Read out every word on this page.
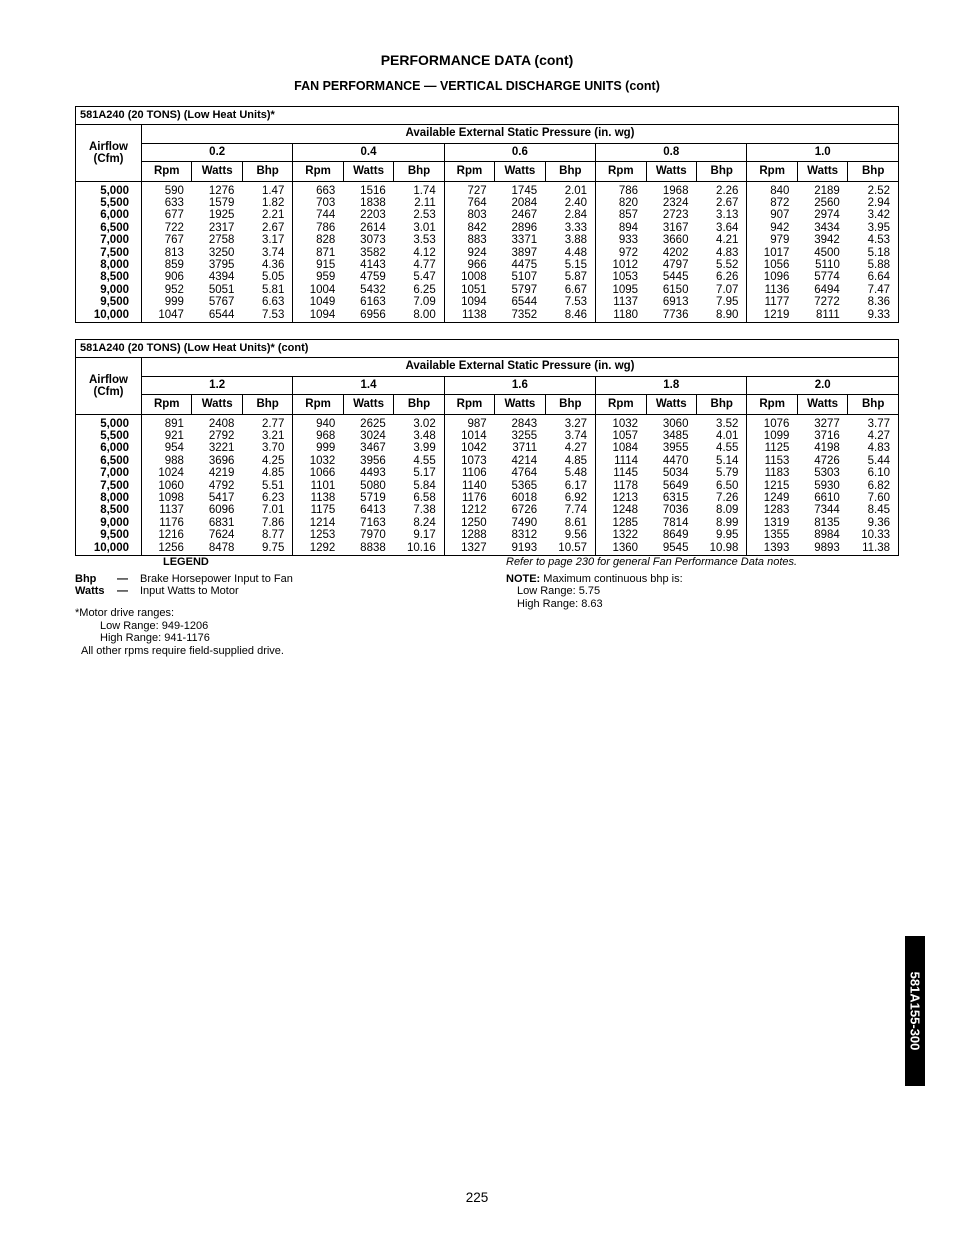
PERFORMANCE DATA (cont)
FAN PERFORMANCE — VERTICAL DISCHARGE UNITS (cont)
581A240 (20 TONS) (Low Heat Units)*															
Airflow
(Cfm)	Available External Static Pressure (in. wg)														
	0.2			0.4			0.6			0.8			1.0		
	Rpm	Watts	Bhp	Rpm	Watts	Bhp	Rpm	Watts	Bhp	Rpm	Watts	Bhp	Rpm	Watts	Bhp
5,000	590	1276	1.47	663	1516	1.74	727	1745	2.01	786	1968	2.26	840	2189	2.52
5,500	633	1579	1.82	703	1838	2.11	764	2084	2.40	820	2324	2.67	872	2560	2.94
6,000	677	1925	2.21	744	2203	2.53	803	2467	2.84	857	2723	3.13	907	2974	3.42
6,500	722	2317	2.67	786	2614	3.01	842	2896	3.33	894	3167	3.64	942	3434	3.95
7,000	767	2758	3.17	828	3073	3.53	883	3371	3.88	933	3660	4.21	979	3942	4.53
7,500	813	3250	3.74	871	3582	4.12	924	3897	4.48	972	4202	4.83	1017	4500	5.18
8,000	859	3795	4.36	915	4143	4.77	966	4475	5.15	1012	4797	5.52	1056	5110	5.88
8,500	906	4394	5.05	959	4759	5.47	1008	5107	5.87	1053	5445	6.26	1096	5774	6.64
9,000	952	5051	5.81	1004	5432	6.25	1051	5797	6.67	1095	6150	7.07	1136	6494	7.47
9,500	999	5767	6.63	1049	6163	7.09	1094	6544	7.53	1137	6913	7.95	1177	7272	8.36
10,000	1047	6544	7.53	1094	6956	8.00	1138	7352	8.46	1180	7736	8.90	1219	8111	9.33
581A240 (20 TONS) (Low Heat Units)* (cont)															
Airflow
(Cfm)	Available External Static Pressure (in. wg)														
	1.2			1.4			1.6			1.8			2.0		
	Rpm	Watts	Bhp	Rpm	Watts	Bhp	Rpm	Watts	Bhp	Rpm	Watts	Bhp	Rpm	Watts	Bhp
5,000	891	2408	2.77	940	2625	3.02	987	2843	3.27	1032	3060	3.52	1076	3277	3.77
5,500	921	2792	3.21	968	3024	3.48	1014	3255	3.74	1057	3485	4.01	1099	3716	4.27
6,000	954	3221	3.70	999	3467	3.99	1042	3711	4.27	1084	3955	4.55	1125	4198	4.83
6,500	988	3696	4.25	1032	3956	4.55	1073	4214	4.85	1114	4470	5.14	1153	4726	5.44
7,000	1024	4219	4.85	1066	4493	5.17	1106	4764	5.48	1145	5034	5.79	1183	5303	6.10
7,500	1060	4792	5.51	1101	5080	5.84	1140	5365	6.17	1178	5649	6.50	1215	5930	6.82
8,000	1098	5417	6.23	1138	5719	6.58	1176	6018	6.92	1213	6315	7.26	1249	6610	7.60
8,500	1137	6096	7.01	1175	6413	7.38	1212	6726	7.74	1248	7036	8.09	1283	7344	8.45
9,000	1176	6831	7.86	1214	7163	8.24	1250	7490	8.61	1285	7814	8.99	1319	8135	9.36
9,500	1216	7624	8.77	1253	7970	9.17	1288	8312	9.56	1322	8649	9.95	1355	8984	10.33
10,000	1256	8478	9.75	1292	8838	10.16	1327	9193	10.57	1360	9545	10.98	1393	9893	11.38
LEGEND
Bhp — Brake Horsepower Input to Fan
Watts — Input Watts to Motor
*Motor drive ranges:
Low Range: 949-1206
High Range: 941-1176
All other rpms require field-supplied drive.
Refer to page 230 for general Fan Performance Data notes.
NOTE: Maximum continuous bhp is:
Low Range: 5.75
High Range: 8.63
581A155-300
225
